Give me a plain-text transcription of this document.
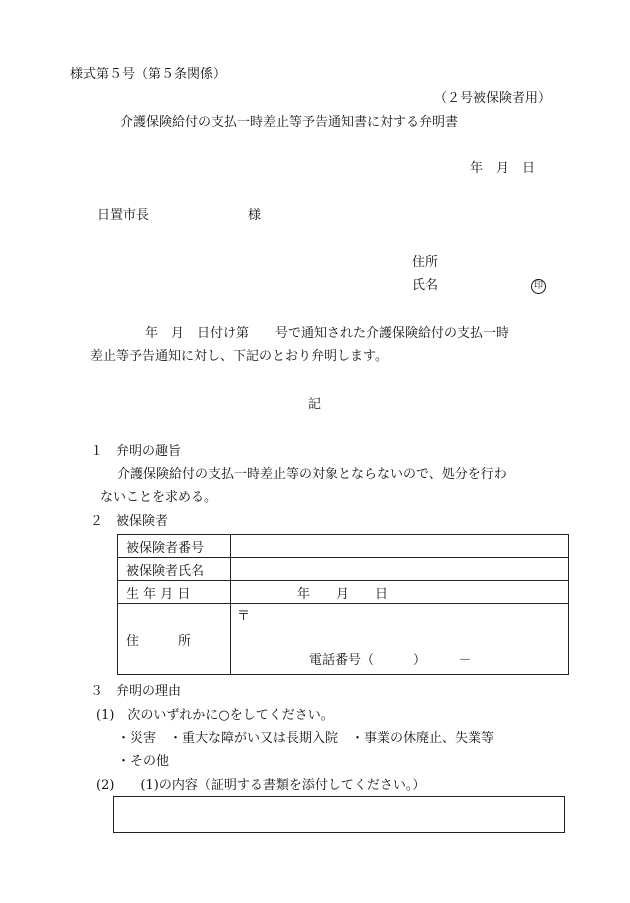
様式第５号（第５条関係）
（２号被保険者用）
介護保険給付の支払一時差止等予告通知書に対する弁明書
年　月　日
日置市長	様
住所
氏名	印
年　月　日付け第　　号で通知された介護保険給付の支払一時
差止等予告通知に対し、下記のとおり弁明します。
記
１　弁明の趣旨
介護保険給付の支払一時差止等の対象とならないので、処分を行わ
ないことを求める。
２　被保険者
被保険者番号	
被保険者氏名	
生 年 月 日	年　　月　　日
住　　　所	〒
電話番号（　　　）　　　－
３　弁明の理由
(1)　次のいずれかに○をしてください。
・災害　・重大な障がい又は長期入院　・事業の休廃止、失業等
・その他
(2)　　(1)の内容（証明する書類を添付してください。）
